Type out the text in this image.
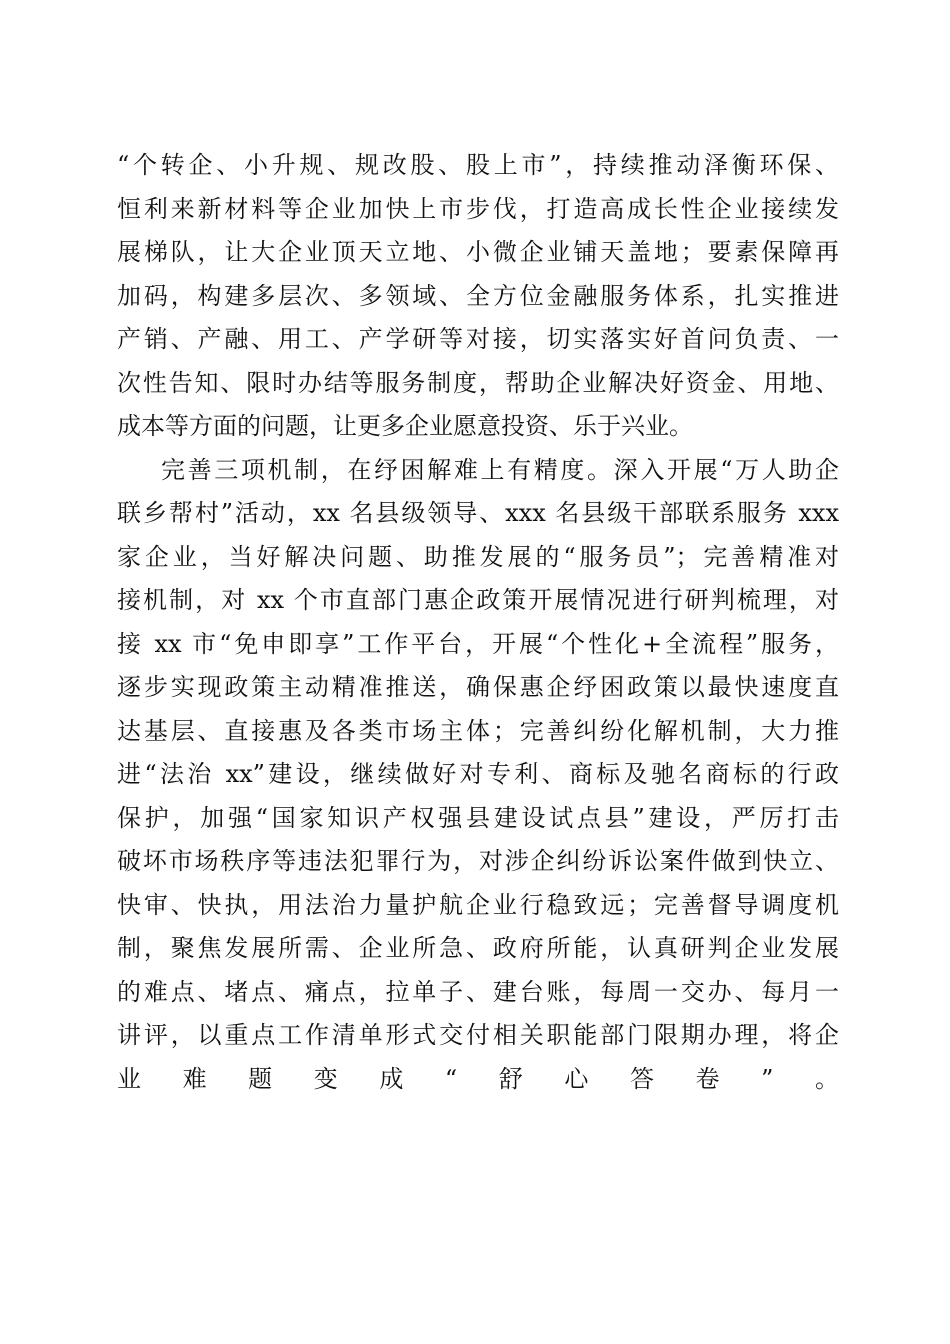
“个转企、小升规、规改股、股上市”，持续推动泽衡环保、
恒利来新材料等企业加快上市步伐，打造高成长性企业接续发
展梯队，让大企业顶天立地、小微企业铺天盖地；要素保障再
加码，构建多层次、多领域、全方位金融服务体系，扎实推进
产销、产融、用工、产学研等对接，切实落实好首问负责、一
次性告知、限时办结等服务制度，帮助企业解决好资金、用地、
成本等方面的问题，让更多企业愿意投资、乐于兴业。
完善三项机制，在纾困解难上有精度。深入开展“万人助企
联乡帮村”活动，xx 名县级领导、xxx 名县级干部联系服务 xxx
家企业，当好解决问题、助推发展的“服务员”；完善精准对
接机制，对 xx 个市直部门惠企政策开展情况进行研判梳理，对
接 xx 市“免申即享”工作平台，开展“个性化+全流程”服务，
逐步实现政策主动精准推送，确保惠企纾困政策以最快速度直
达基层、直接惠及各类市场主体；完善纠纷化解机制，大力推
进“法治 xx”建设，继续做好对专利、商标及驰名商标的行政
保护，加强“国家知识产权强县建设试点县”建设，严厉打击
破坏市场秩序等违法犯罪行为，对涉企纠纷诉讼案件做到快立、
快审、快执，用法治力量护航企业行稳致远；完善督导调度机
制，聚焦发展所需、企业所急、政府所能，认真研判企业发展
的难点、堵点、痛点，拉单子、建台账，每周一交办、每月一
讲评，以重点工作清单形式交付相关职能部门限期办理，将企
业难题变成“舒心答卷”。
